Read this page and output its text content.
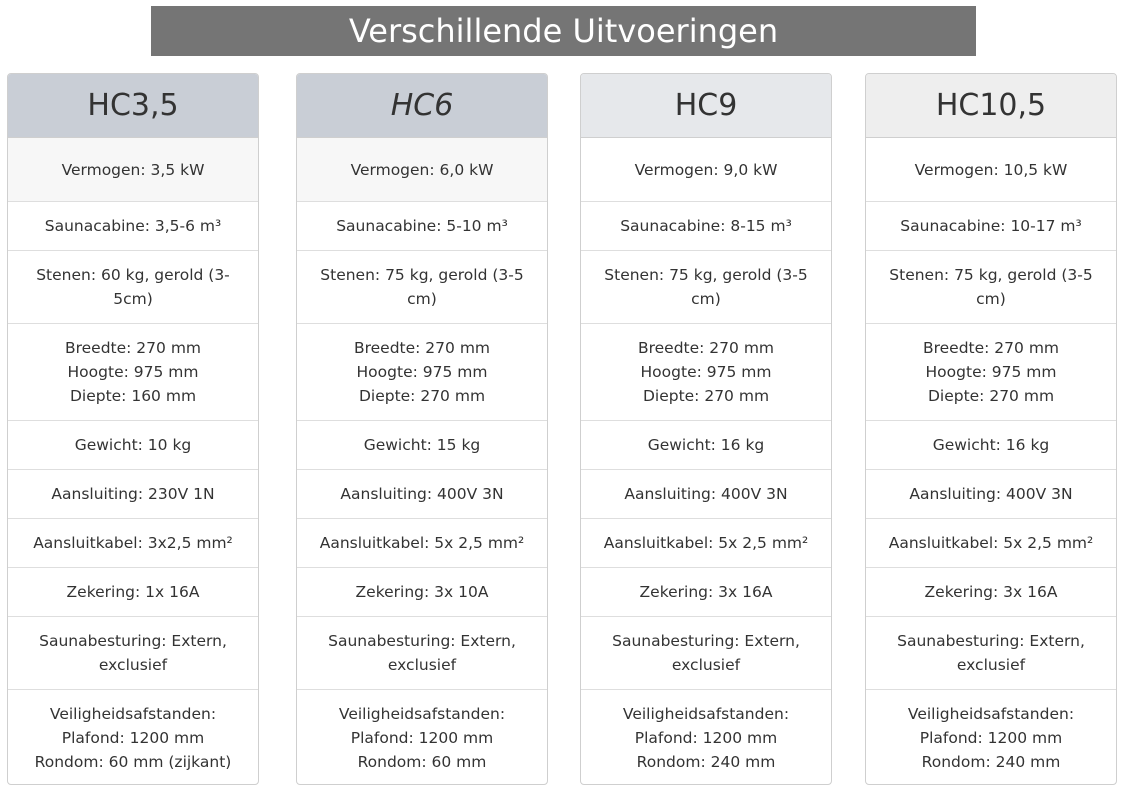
Verschillende Uitvoeringen
HC3,5
Vermogen: 3,5 kW
Saunacabine: 3,5-6 m³
Stenen: 60 kg, gerold (3-
5cm)
Breedte: 270 mm
Hoogte: 975 mm
Diepte: 160 mm
Gewicht: 10 kg
Aansluiting: 230V 1N
Aansluitkabel: 3x2,5 mm²
Zekering: 1x 16A
Saunabesturing: Extern,
exclusief
Veiligheidsafstanden:
Plafond: 1200 mm
Rondom: 60 mm (zijkant)
HC6
Vermogen: 6,0 kW
Saunacabine: 5-10 m³
Stenen: 75 kg, gerold (3-5
cm)
Breedte: 270 mm
Hoogte: 975 mm
Diepte: 270 mm
Gewicht: 15 kg
Aansluiting: 400V 3N
Aansluitkabel: 5x 2,5 mm²
Zekering: 3x 10A
Saunabesturing: Extern,
exclusief
Veiligheidsafstanden:
Plafond: 1200 mm
Rondom: 60 mm
HC9
Vermogen: 9,0 kW
Saunacabine: 8-15 m³
Stenen: 75 kg, gerold (3-5
cm)
Breedte: 270 mm
Hoogte: 975 mm
Diepte: 270 mm
Gewicht: 16 kg
Aansluiting: 400V 3N
Aansluitkabel: 5x 2,5 mm²
Zekering: 3x 16A
Saunabesturing: Extern,
exclusief
Veiligheidsafstanden:
Plafond: 1200 mm
Rondom: 240 mm
HC10,5
Vermogen: 10,5 kW
Saunacabine: 10-17 m³
Stenen: 75 kg, gerold (3-5
cm)
Breedte: 270 mm
Hoogte: 975 mm
Diepte: 270 mm
Gewicht: 16 kg
Aansluiting: 400V 3N
Aansluitkabel: 5x 2,5 mm²
Zekering: 3x 16A
Saunabesturing: Extern,
exclusief
Veiligheidsafstanden:
Plafond: 1200 mm
Rondom: 240 mm
